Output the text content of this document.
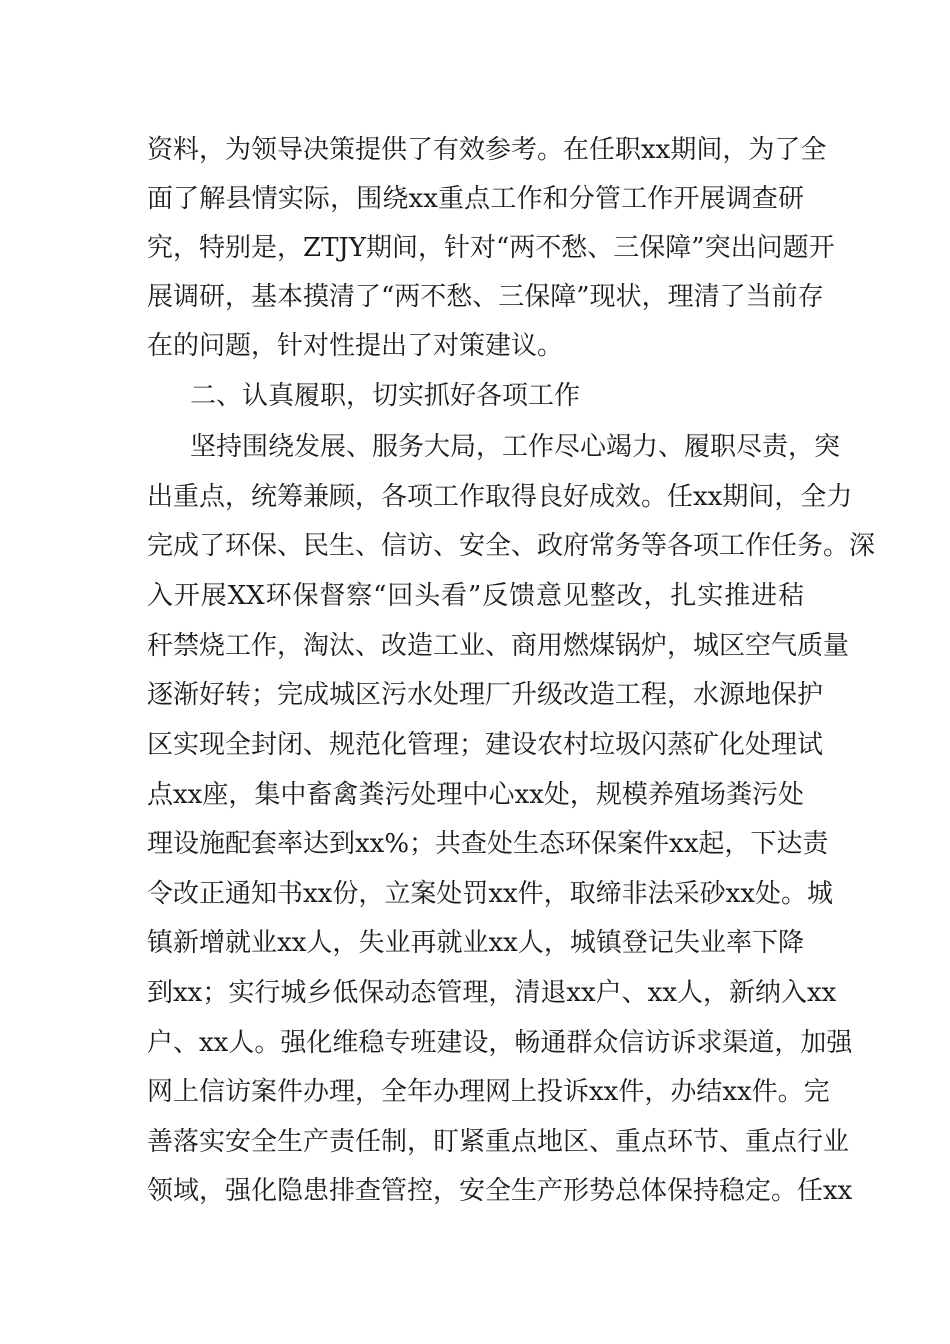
资料，为领导决策提供了有效参考。在任职xx期间，为了全
面了解县情实际，围绕xx重点工作和分管工作开展调查研
究，特别是，ZTJY期间，针对“两不愁、三保障”突出问题开
展调研，基本摸清了“两不愁、三保障”现状，理清了当前存
在的问题，针对性提出了对策建议。
二、认真履职，切实抓好各项工作
坚持围绕发展、服务大局，工作尽心竭力、履职尽责，突
出重点，统筹兼顾，各项工作取得良好成效。任xx期间，全力
完成了环保、民生、信访、安全、政府常务等各项工作任务。深
入开展XX环保督察“回头看”反馈意见整改，扎实推进秸
秆禁烧工作，淘汰、改造工业、商用燃煤锅炉，城区空气质量
逐渐好转；完成城区污水处理厂升级改造工程，水源地保护
区实现全封闭、规范化管理；建设农村垃圾闪蒸矿化处理试
点xx座，集中畜禽粪污处理中心xx处，规模养殖场粪污处
理设施配套率达到xx%；共查处生态环保案件xx起，下达责
令改正通知书xx份，立案处罚xx件，取缔非法采砂xx处。城
镇新增就业xx人，失业再就业xx人，城镇登记失业率下降
到xx；实行城乡低保动态管理，清退xx户、xx人，新纳入xx
户、xx人。强化维稳专班建设，畅通群众信访诉求渠道，加强
网上信访案件办理，全年办理网上投诉xx件，办结xx件。完
善落实安全生产责任制，盯紧重点地区、重点环节、重点行业
领域，强化隐患排查管控，安全生产形势总体保持稳定。任xx
